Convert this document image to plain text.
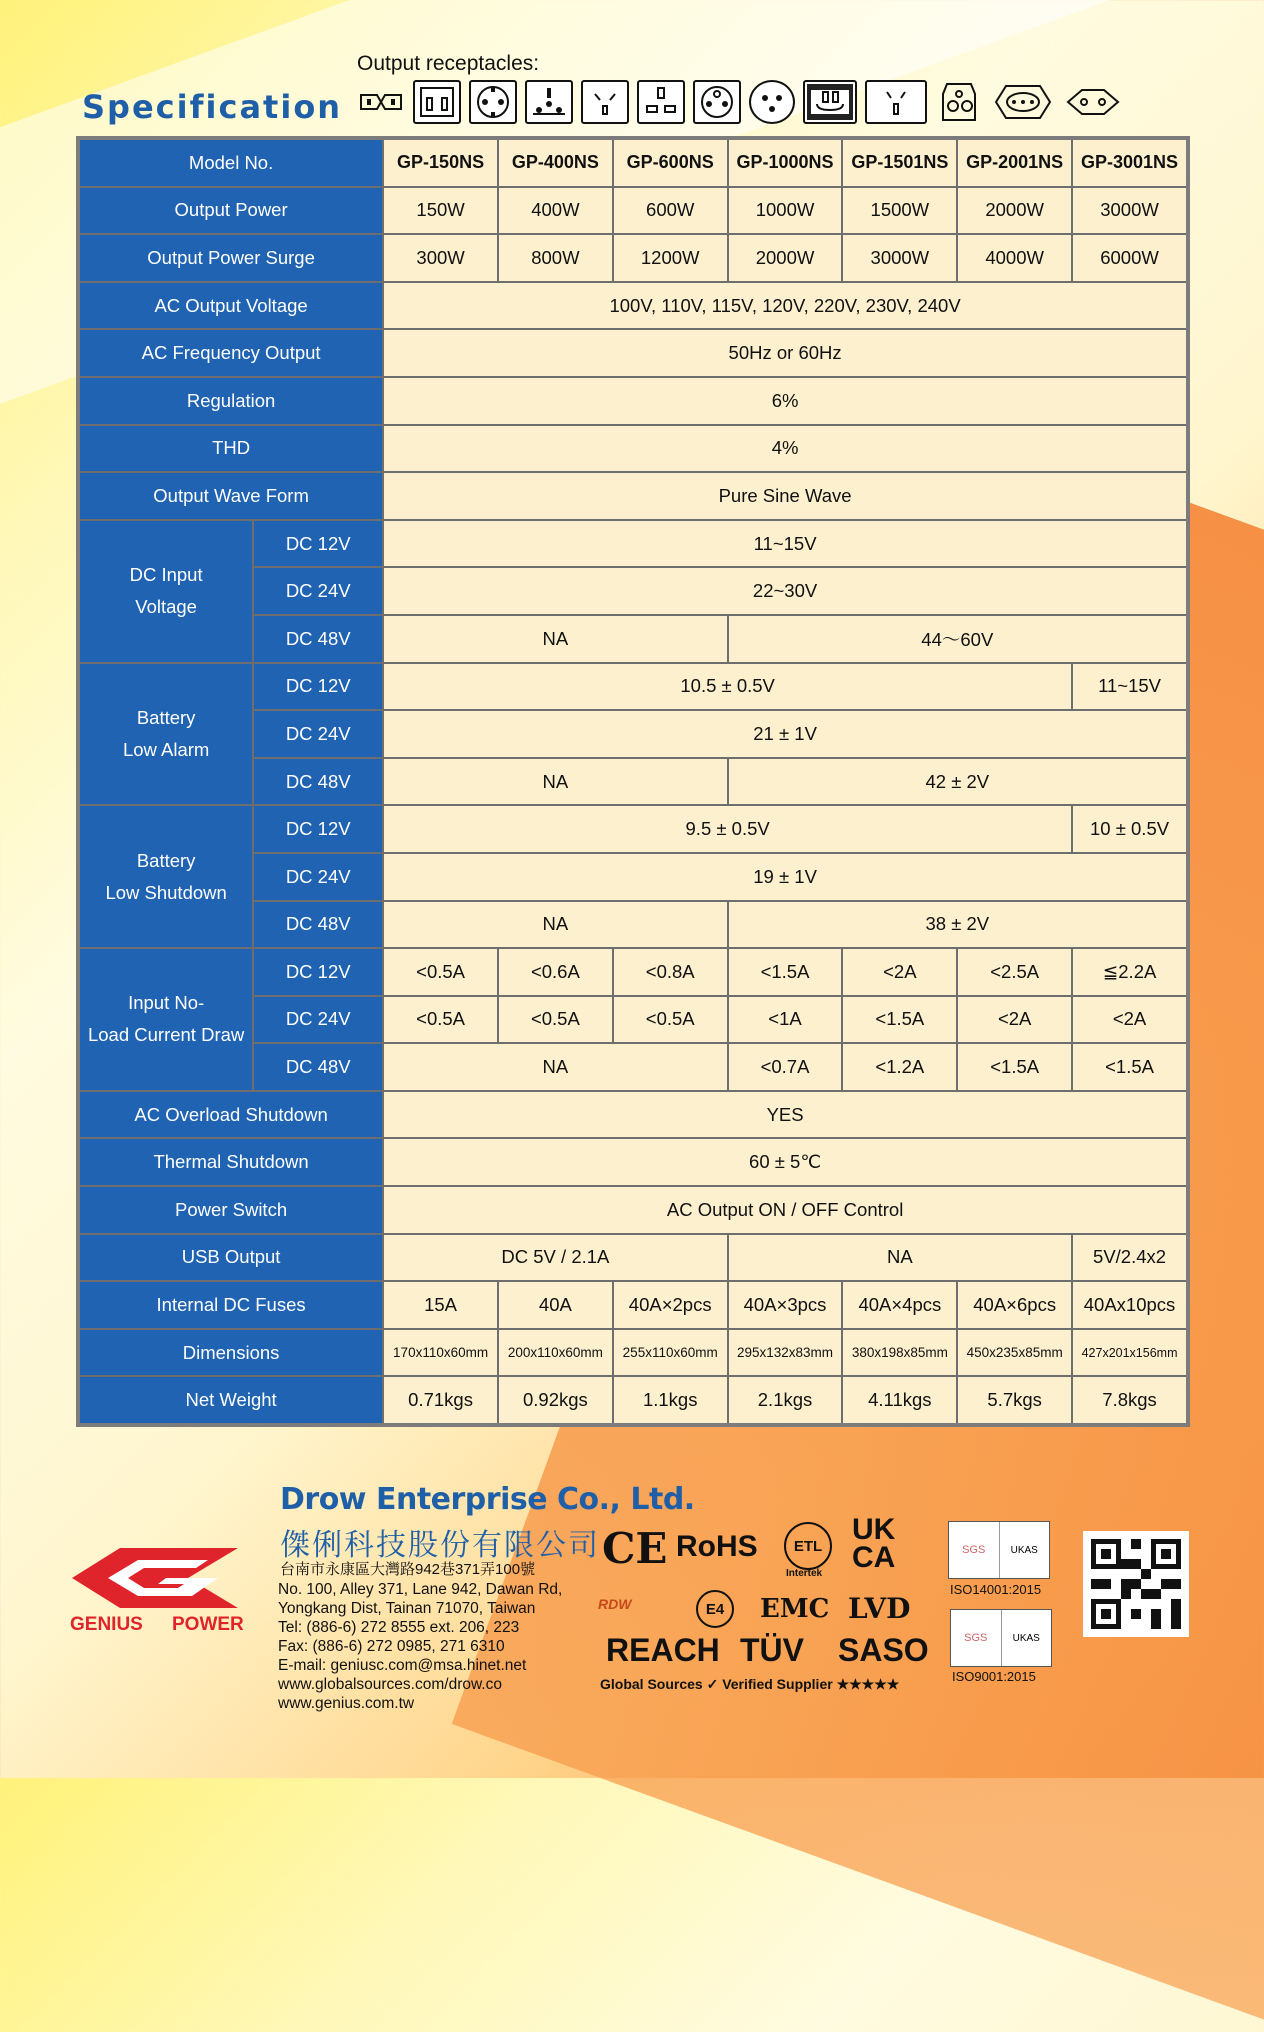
Specification
Output receptacles:
Model No.		GP-150NS	GP-400NS	GP-600NS	GP-1000NS	GP-1501NS	GP-2001NS	GP-3001NS
Output Power		150W	400W	600W	1000W	1500W	2000W	3000W
Output Power Surge		300W	800W	1200W	2000W	3000W	4000W	6000W
AC Output Voltage		100V, 110V, 115V, 120V, 220V, 230V, 240V						
AC Frequency Output		50Hz or 60Hz						
Regulation		6%						
THD		4%						
Output Wave Form		Pure Sine Wave						
DC Input
Voltage	DC 12V	11~15V						
	DC 24V	22~30V						
	DC 48V	NA			44～60V			
Battery
Low Alarm	DC 12V	10.5 ± 0.5V						11~15V
	DC 24V	21 ± 1V						
	DC 48V	NA			42 ± 2V			
Battery
Low Shutdown	DC 12V	9.5 ± 0.5V						10 ± 0.5V
	DC 24V	19 ± 1V						
	DC 48V	NA			38 ± 2V			
Input No-
Load Current Draw	DC 12V	<0.5A	<0.6A	<0.8A	<1.5A	<2A	<2.5A	≦2.2A
	DC 24V	<0.5A	<0.5A	<0.5A	<1A	<1.5A	<2A	<2A
	DC 48V	NA			<0.7A	<1.2A	<1.5A	<1.5A
AC Overload Shutdown		YES						
Thermal Shutdown		60 ± 5℃						
Power Switch		AC Output ON / OFF Control						
USB Output		DC 5V / 2.1A			NA			5V/2.4x2
Internal DC Fuses		15A	40A	40A×2pcs	40A×3pcs	40A×4pcs	40A×6pcs	40Ax10pcs
Dimensions		170x110x60mm	200x110x60mm	255x110x60mm	295x132x83mm	380x198x85mm	450x235x85mm	427x201x156mm
Net Weight		0.71kgs	0.92kgs	1.1kgs	2.1kgs	4.11kgs	5.7kgs	7.8kgs
GENIUS POWER
Drow Enterprise Co., Ltd.
傑俐科技股份有限公司
台南市永康區大灣路942巷371弄100號
No. 100, Alley 371, Lane 942, Dawan Rd,
Yongkang Dist, Tainan 71070, Taiwan
Tel: (886-6) 272 8555 ext. 206, 223
Fax: (886-6) 272 0985, 271 6310
E-mail: geniusc.com@msa.hinet.net
www.globalsources.com/drow.co
www.genius.com.tw
CE RoHS	ETL
Intertek
UK CA
RDW	E4	EMC LVD
REACH TÜV SASO
Global Sources ✓ Verified Supplier ★★★★★
SGS	UKAS
ISO14001:2015
SGS	UKAS
ISO9001:2015
